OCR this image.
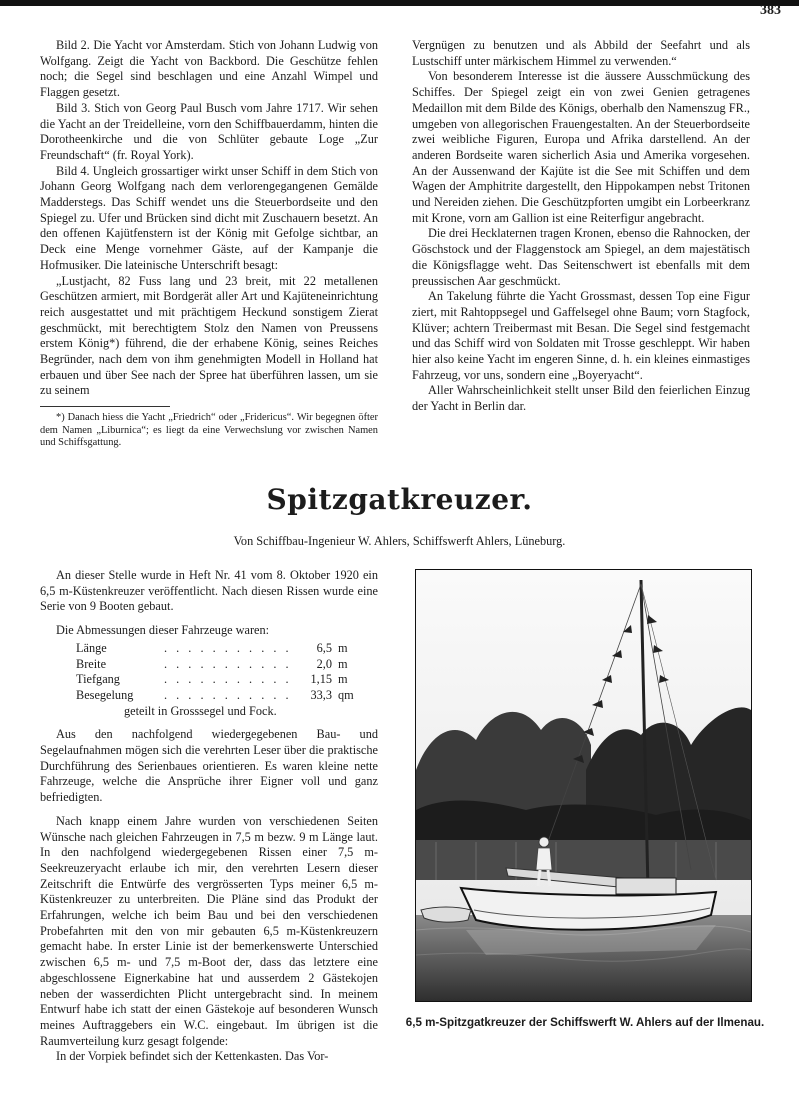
383

Bild 2. Die Yacht vor Amsterdam. Stich von Johann Ludwig von Wolfgang. Zeigt die Yacht von Backbord. Die Geschütze fehlen noch; die Segel sind beschlagen und eine Anzahl Wimpel und Flaggen gesetzt.

Bild 3. Stich von Georg Paul Busch vom Jahre 1717. Wir sehen die Yacht an der Treidelleine, vorn den Schiffbauerdamm, hinten die Dorotheenkirche und die von Schlüter gebaute Loge „Zur Freundschaft“ (fr. Royal York).

Bild 4. Ungleich grossartiger wirkt unser Schiff in dem Stich von Johann Georg Wolfgang nach dem verlorengegangenen Gemälde Madderstegs. Das Schiff wendet uns die Steuerbordseite und den Spiegel zu. Ufer und Brücken sind dicht mit Zuschauern besetzt. An den offenen Kajütfenstern ist der König mit Gefolge sichtbar, an Deck eine Menge vornehmer Gäste, auf der Kampanje die Hofmusiker. Die lateinische Unterschrift besagt:

„Lustjacht, 82 Fuss lang und 23 breit, mit 22 metallenen Geschützen armiert, mit Bordgerät aller Art und Kajüteneinrichtung reich ausgestattet und mit prächtigem Heckund sonstigem Zierat geschmückt, mit berechtigtem Stolz den Namen von Preussens erstem König*) führend, die der erhabene König, seines Reiches Begründer, nach dem von ihm genehmigten Modell in Holland hat erbauen und über See nach der Spree hat überführen lassen, um sie zu seinem

*) Danach hiess die Yacht „Friedrich“ oder „Fridericus“. Wir begegnen öfter dem Namen „Liburnica“; es liegt da eine Verwechslung vor zwischen Namen und Schiffsgattung.

Vergnügen zu benutzen und als Abbild der Seefahrt und als Lustschiff unter märkischem Himmel zu verwenden.“

Von besonderem Interesse ist die äussere Ausschmückung des Schiffes. Der Spiegel zeigt ein von zwei Genien getragenes Medaillon mit dem Bilde des Königs, oberhalb den Namenszug FR., umgeben von allegorischen Frauengestalten. An der Steuerbordseite zwei weibliche Figuren, Europa und Afrika darstellend. An der anderen Bordseite waren sicherlich Asia und Amerika vorgesehen. An der Aussenwand der Kajüte ist die See mit Schiffen und dem Wagen der Amphitrite dargestellt, den Hippokampen nebst Tritonen und Nereiden ziehen. Die Geschützpforten umgibt ein Lorbeerkranz mit Krone, vorn am Gallion ist eine Reiterfigur angebracht.

Die drei Hecklaternen tragen Kronen, ebenso die Rahnocken, der Göschstock und der Flaggenstock am Spiegel, an dem majestätisch die Königsflagge weht. Das Seitenschwert ist ebenfalls mit dem preussischen Aar geschmückt.

An Takelung führte die Yacht Grossmast, dessen Top eine Figur ziert, mit Rahtoppsegel und Gaffelsegel ohne Baum; vorn Stagfock, Klüver; achtern Treibermast mit Besan. Die Segel sind festgemacht und das Schiff wird von Soldaten mit Trosse geschleppt. Wir haben hier also keine Yacht im engeren Sinne, d. h. ein kleines einmastiges Fahrzeug, vor uns, sondern eine „Boyeryacht“.

Aller Wahrscheinlichkeit stellt unser Bild den feierlichen Einzug der Yacht in Berlin dar.

Spitzgatkreuzer.
Von Schiffbau-Ingenieur W. Ahlers, Schiffswerft Ahlers, Lüneburg.

An dieser Stelle wurde in Heft Nr. 41 vom 8. Oktober 1920 ein 6,5 m-Küstenkreuzer veröffentlicht. Nach diesen Rissen wurde eine Serie von 9 Booten gebaut.

Die Abmessungen dieser Fahrzeuge waren:

Länge	. . . . . . . . . . .	6,5 m
Breite	. . . . . . . . . . .	2,0 m
Tiefgang	. . . . . . . . . . .	1,15 m
Besegelung	. . . . . . . . . . .	33,3 qm
geteilt in Grosssegel und Fock.

Aus den nachfolgend wiedergegebenen Bau- und Segelaufnahmen mögen sich die verehrten Leser über die praktische Durchführung des Serienbaues orientieren. Es waren kleine nette Fahrzeuge, welche die Ansprüche ihrer Eigner voll und ganz befriedigten.

Nach knapp einem Jahre wurden von verschiedenen Seiten Wünsche nach gleichen Fahrzeugen in 7,5 m bezw. 9 m Länge laut. In den nachfolgend wiedergegebenen Rissen einer 7,5 m-Seekreuzeryacht erlaube ich mir, den verehrten Lesern dieser Zeitschrift die Entwürfe des vergrösserten Typs meiner 6,5 m-Küstenkreuzer zu unterbreiten. Die Pläne sind das Produkt der Erfahrungen, welche ich beim Bau und bei den verschiedenen Probefahrten mit den von mir gebauten 6,5 m-Küstenkreuzern gemacht habe. In erster Linie ist der bemerkenswerte Unterschied zwischen 6,5 m- und 7,5 m-Boot der, dass das letztere eine abgeschlossene Eignerkabine hat und ausserdem 2 Gästekojen neben der wasserdichten Plicht untergebracht sind. In meinem Entwurf habe ich statt der einen Gästekoje auf besonderen Wunsch meines Auftraggebers ein W.C. eingebaut. Im übrigen ist die Raumverteilung kurz gesagt folgende:

In der Vorpiek befindet sich der Kettenkasten. Das Vor-

6,5 m-Spitzgatkreuzer der Schiffswerft W. Ahlers auf der Ilmenau.
